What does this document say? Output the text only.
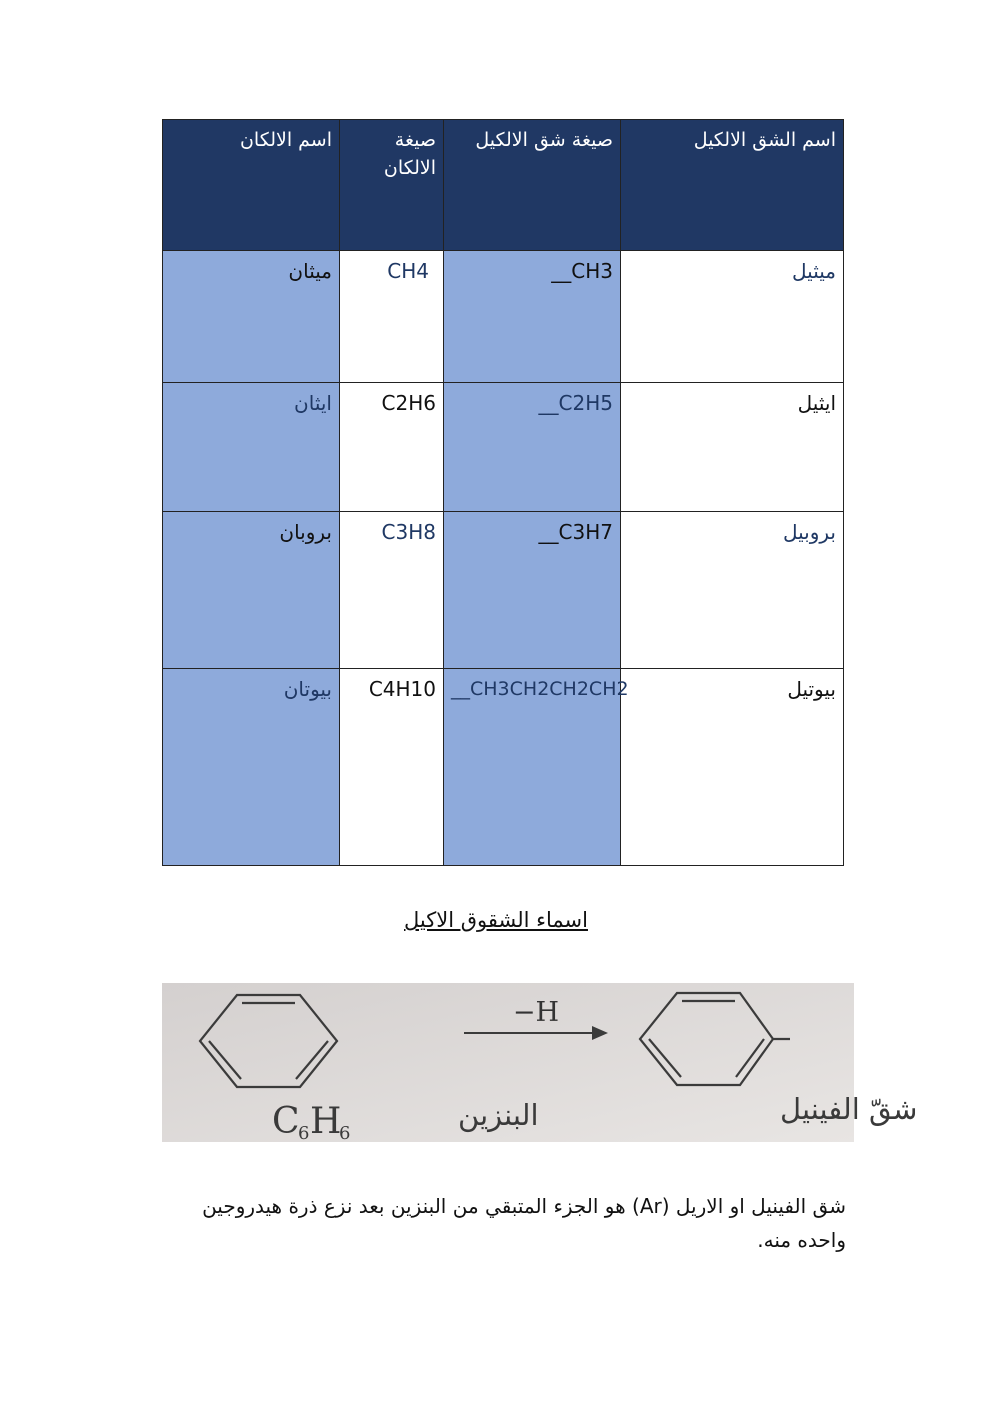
اسم الشق الالكيل	صيغة شق الالكيل	صيغة الالكان	اسم الالكان
ميثيل	__CH3	CH4	ميثان
ايثيل	__C2H5	C2H6	ايثان
بروبيل	__C3H7	C3H8	بروبان
بيوتيل	__CH3CH2CH2CH2	C4H10	بيوتان
اسماء الشقوق الاكيل
−H
C
6 H
6
البنزين	شقّ الفينيل
شق الفينيل او الاريل (Ar) هو الجزء المتبقي من البنزين بعد نزع ذرة هيدروجين واحده منه.
